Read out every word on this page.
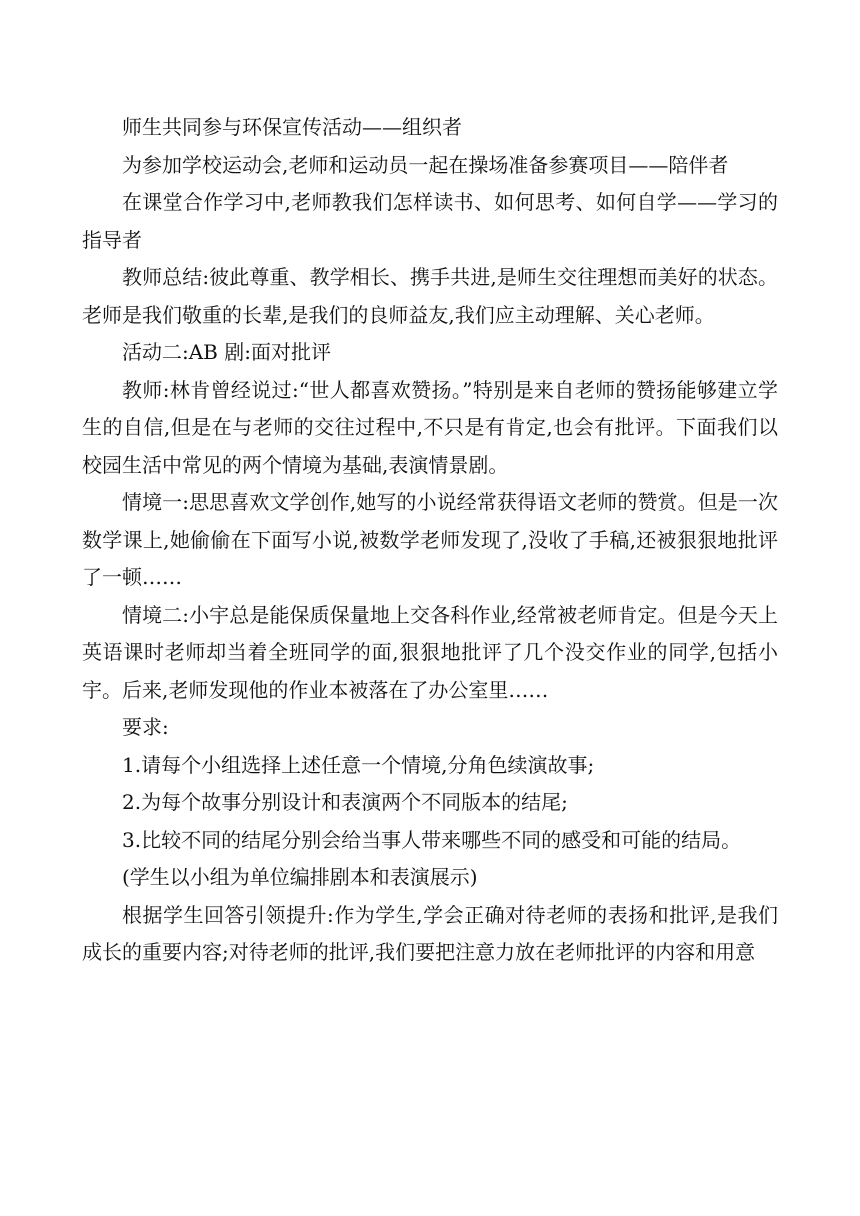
师生共同参与环保宣传活动——组织者

为参加学校运动会,老师和运动员一起在操场准备参赛项目——陪伴者

在课堂合作学习中,老师教我们怎样读书、如何思考、如何自学——学习的指导者

教师总结:彼此尊重、教学相长、携手共进,是师生交往理想而美好的状态。老师是我们敬重的长辈,是我们的良师益友,我们应主动理解、关心老师。

活动二:AB 剧:面对批评

教师:林肯曾经说过:“世人都喜欢赞扬。”特别是来自老师的赞扬能够建立学生的自信,但是在与老师的交往过程中,不只是有肯定,也会有批评。下面我们以校园生活中常见的两个情境为基础,表演情景剧。

情境一:思思喜欢文学创作,她写的小说经常获得语文老师的赞赏。但是一次数学课上,她偷偷在下面写小说,被数学老师发现了,没收了手稿,还被狠狠地批评了一顿……

情境二:小宇总是能保质保量地上交各科作业,经常被老师肯定。但是今天上英语课时老师却当着全班同学的面,狠狠地批评了几个没交作业的同学,包括小宇。后来,老师发现他的作业本被落在了办公室里……

要求:

1.请每个小组选择上述任意一个情境,分角色续演故事;

2.为每个故事分别设计和表演两个不同版本的结尾;

3.比较不同的结尾分别会给当事人带来哪些不同的感受和可能的结局。

(学生以小组为单位编排剧本和表演展示)

根据学生回答引领提升:作为学生,学会正确对待老师的表扬和批评,是我们成长的重要内容;对待老师的批评,我们要把注意力放在老师批评的内容和用意
